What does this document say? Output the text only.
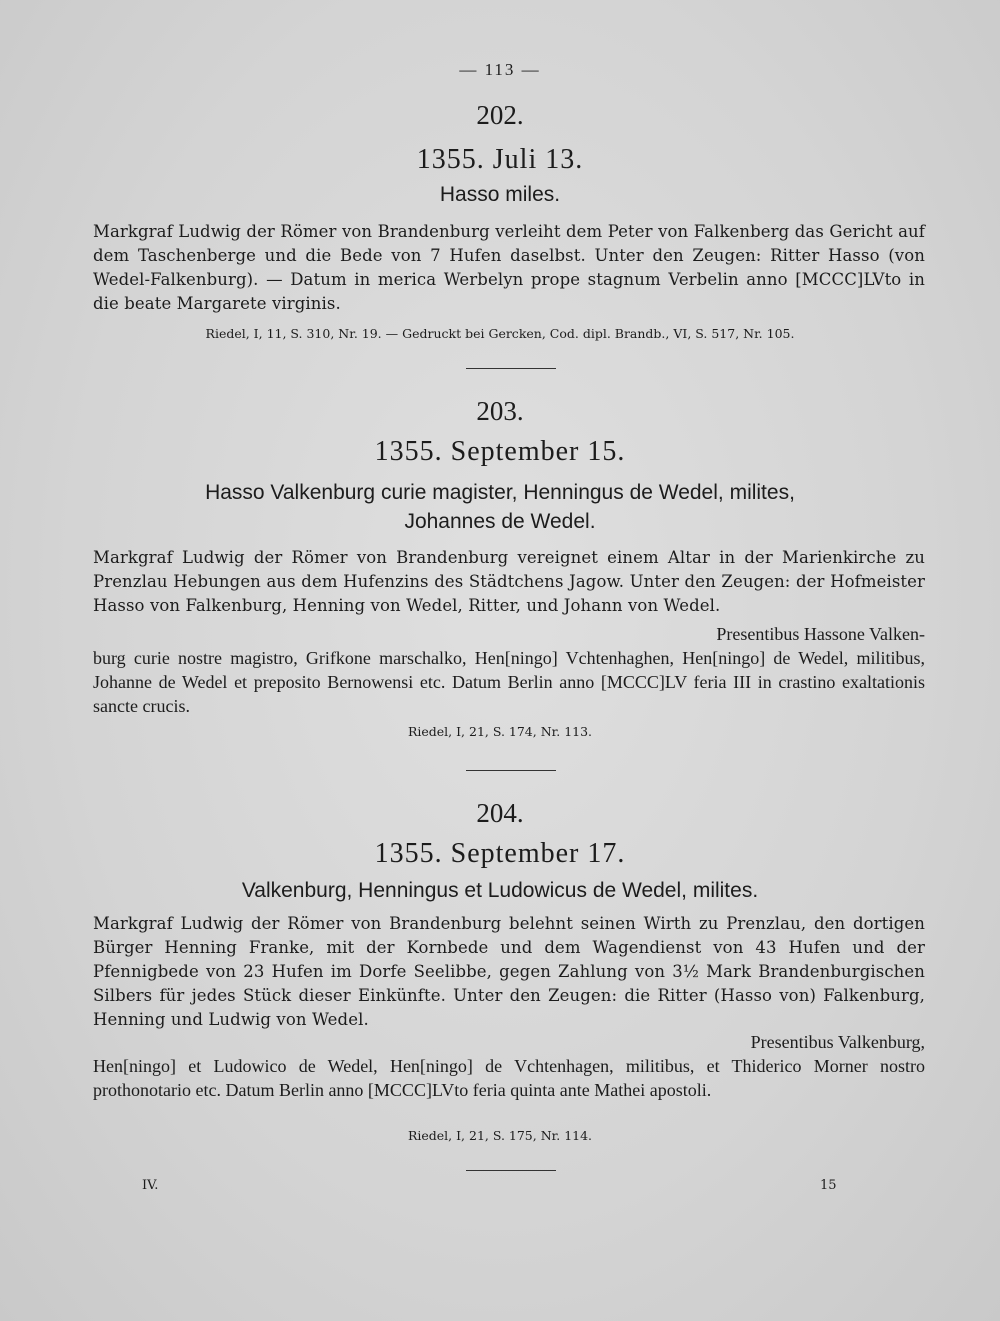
— 113 —
202.
1355. Juli 13.
Hasso miles.
Markgraf Ludwig der Römer von Brandenburg verleiht dem Peter von Falkenberg das Gericht auf dem Taschenberge und die Bede von 7 Hufen daselbst. Unter den Zeugen: Ritter Hasso (von Wedel-Falkenburg). — Datum in merica Werbelyn prope stagnum Verbelin anno [MCCC]LVto in die beate Margarete virginis.
Riedel, I, 11, S. 310, Nr. 19. — Gedruckt bei Gercken, Cod. dipl. Brandb., VI, S. 517, Nr. 105.
203.
1355. September 15.
Hasso Valkenburg curie magister, Henningus de Wedel, milites,
Johannes de Wedel.
Markgraf Ludwig der Römer von Brandenburg vereignet einem Altar in der Marienkirche zu Prenzlau Hebungen aus dem Hufenzins des Städtchens Jagow. Unter den Zeugen: der Hofmeister Hasso von Falkenburg, Henning von Wedel, Ritter, und Johann von Wedel.
Presentibus Hassone Valken-
burg curie nostre magistro, Grifkone marschalko, Hen[ningo] Vchtenhaghen, Hen[ningo] de Wedel, militibus, Johanne de Wedel et preposito Bernowensi etc. Datum Berlin anno [MCCC]LV feria III in crastino exaltationis sancte crucis.
Riedel, I, 21, S. 174, Nr. 113.
204.
1355. September 17.
Valkenburg, Henningus et Ludowicus de Wedel, milites.
Markgraf Ludwig der Römer von Brandenburg belehnt seinen Wirth zu Prenzlau, den dortigen Bürger Henning Franke, mit der Kornbede und dem Wagendienst von 43 Hufen und der Pfennigbede von 23 Hufen im Dorfe Seelibbe, gegen Zahlung von 3½ Mark Brandenburgischen Silbers für jedes Stück dieser Einkünfte. Unter den Zeugen: die Ritter (Hasso von) Falkenburg, Henning und Ludwig von Wedel.
Presentibus Valkenburg,
Hen[ningo] et Ludowico de Wedel, Hen[ningo] de Vchtenhagen, militibus, et Thiderico Morner nostro prothonotario etc. Datum Berlin anno [MCCC]LVto feria quinta ante Mathei apostoli.
Riedel, I, 21, S. 175, Nr. 114.
IV.	15
